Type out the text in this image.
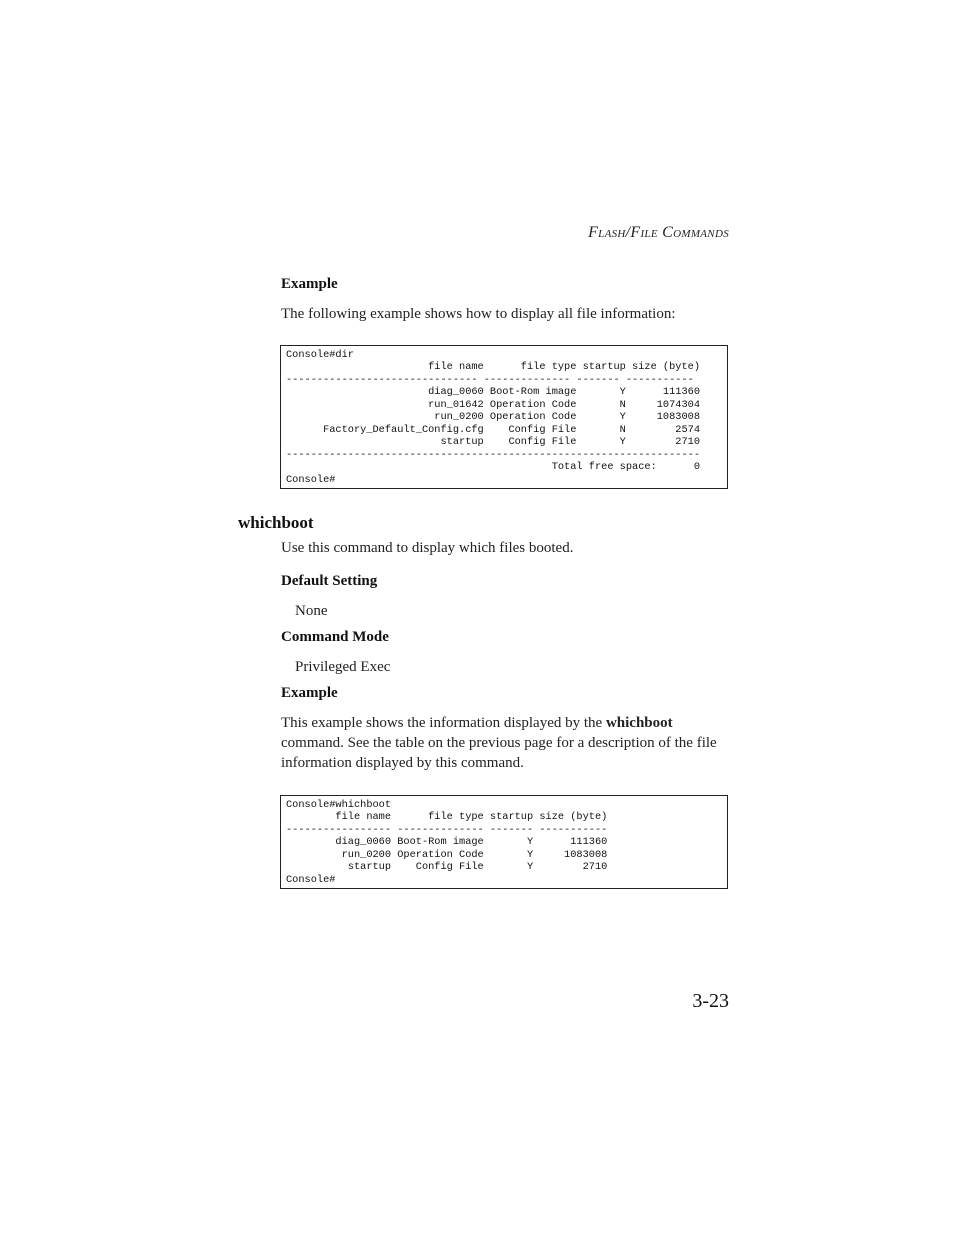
Flash/File Commands
Example
The following example shows how to display all file information:
Console#dir
file name      file type startup size (byte)
------------------------------- -------------- ------- -----------
diag_0060 Boot-Rom image       Y      111360
run_01642 Operation Code       N     1074304
run_0200 Operation Code       Y     1083008
Factory_Default_Config.cfg    Config File       N        2574
startup    Config File       Y        2710
-------------------------------------------------------------------
Total free space:      0
Console#
whichboot
Use this command to display which files booted.
Default Setting
None
Command Mode
Privileged Exec
Example
This example shows the information displayed by the whichboot command. See the table on the previous page for a description of the file information displayed by this command.
Console#whichboot
file name      file type startup size (byte)
----------------- -------------- ------- -----------
diag_0060 Boot-Rom image       Y      111360
run_0200 Operation Code       Y     1083008
startup    Config File       Y        2710
Console#
3-23
